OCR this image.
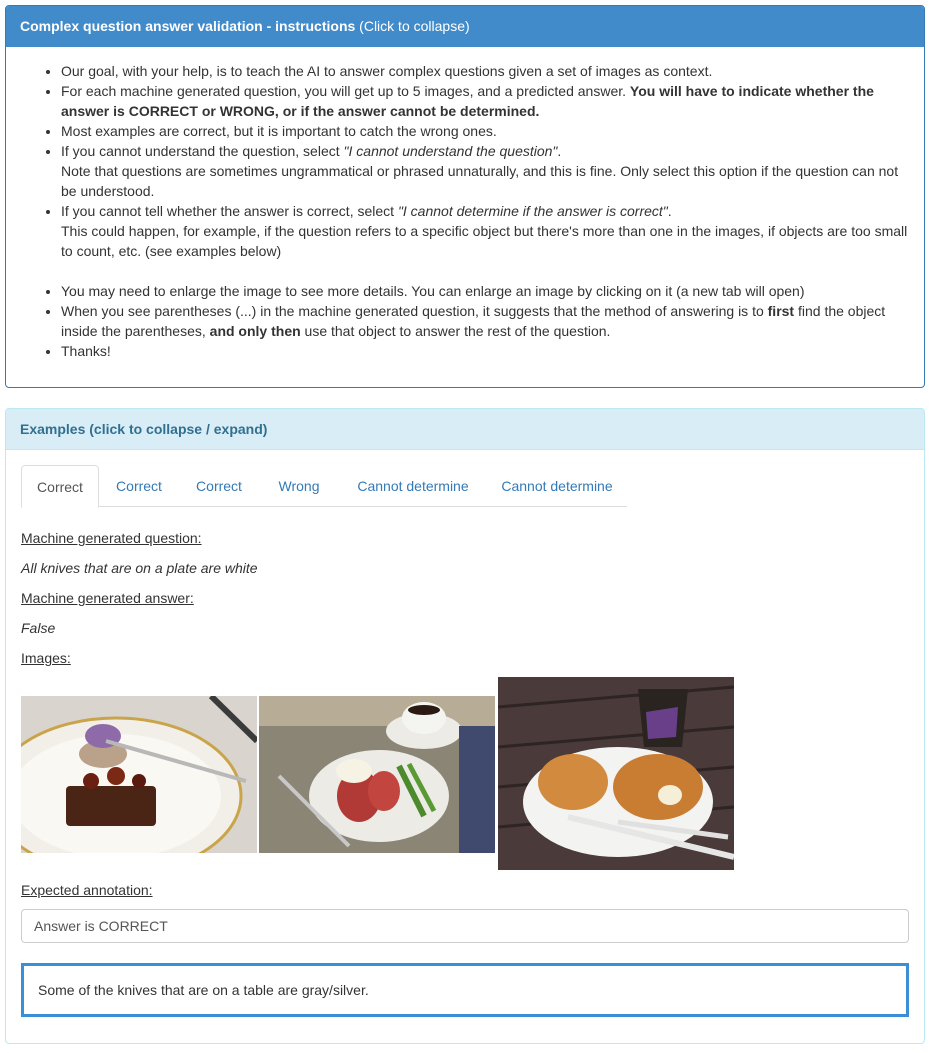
Complex question answer validation - instructions (Click to collapse)
• Our goal, with your help, is to teach the AI to answer complex questions given a set of images as context.
• For each machine generated question, you will get up to 5 images, and a predicted answer. You will have to indicate whether the answer is CORRECT or WRONG, or if the answer cannot be determined.
• Most examples are correct, but it is important to catch the wrong ones.
• If you cannot understand the question, select "I cannot understand the question".
Note that questions are sometimes ungrammatical or phrased unnaturally, and this is fine. Only select this option if the question can not be understood.
• If you cannot tell whether the answer is correct, select "I cannot determine if the answer is correct".
This could happen, for example, if the question refers to a specific object but there's more than one in the images, if objects are too small to count, etc. (see examples below)
• You may need to enlarge the image to see more details. You can enlarge an image by clicking on it (a new tab will open)
• When you see parentheses (...) in the machine generated question, it suggests that the method of answering is to first find the object inside the parentheses, and only then use that object to answer the rest of the question.
• Thanks!
Examples (click to collapse / expand)
Correct	Correct	Correct	Wrong	Cannot determine	Cannot determine
Machine generated question:
All knives that are on a plate are white
Machine generated answer:
False
Images:
Expected annotation:
Answer is CORRECT
Some of the knives that are on a table are gray/silver.
